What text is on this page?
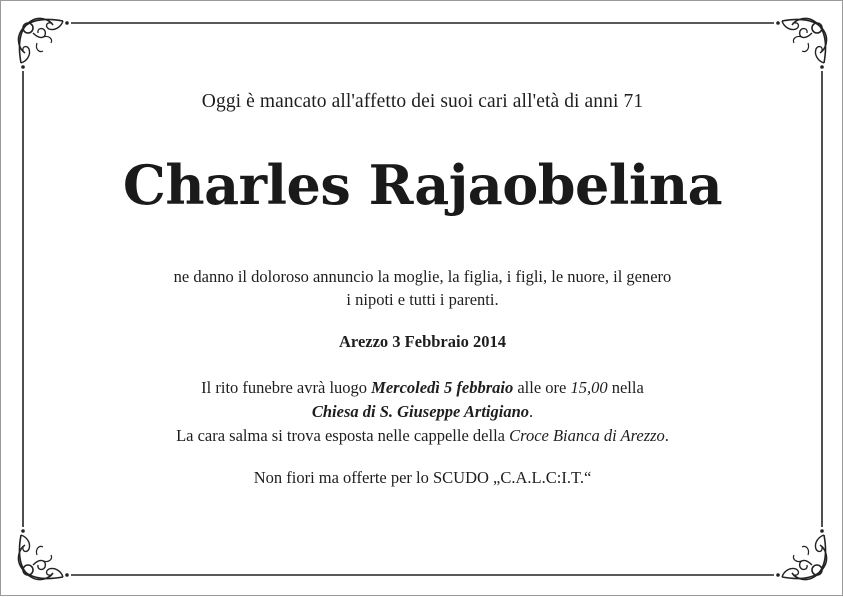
Oggi è mancato all'affetto dei suoi cari all'età di anni 71
Charles Rajaobelina
ne danno il doloroso annuncio la moglie, la figlia, i figli, le nuore, il genero
i nipoti e tutti i parenti.
Arezzo 3 Febbraio 2014
Il rito funebre avrà luogo Mercoledì 5 febbraio alle ore 15,00 nella
Chiesa di S. Giuseppe Artigiano.
La cara salma si trova esposta nelle cappelle della Croce Bianca di Arezzo.
Non fiori ma offerte per lo SCUDO „C.A.L.C:I.T.“
